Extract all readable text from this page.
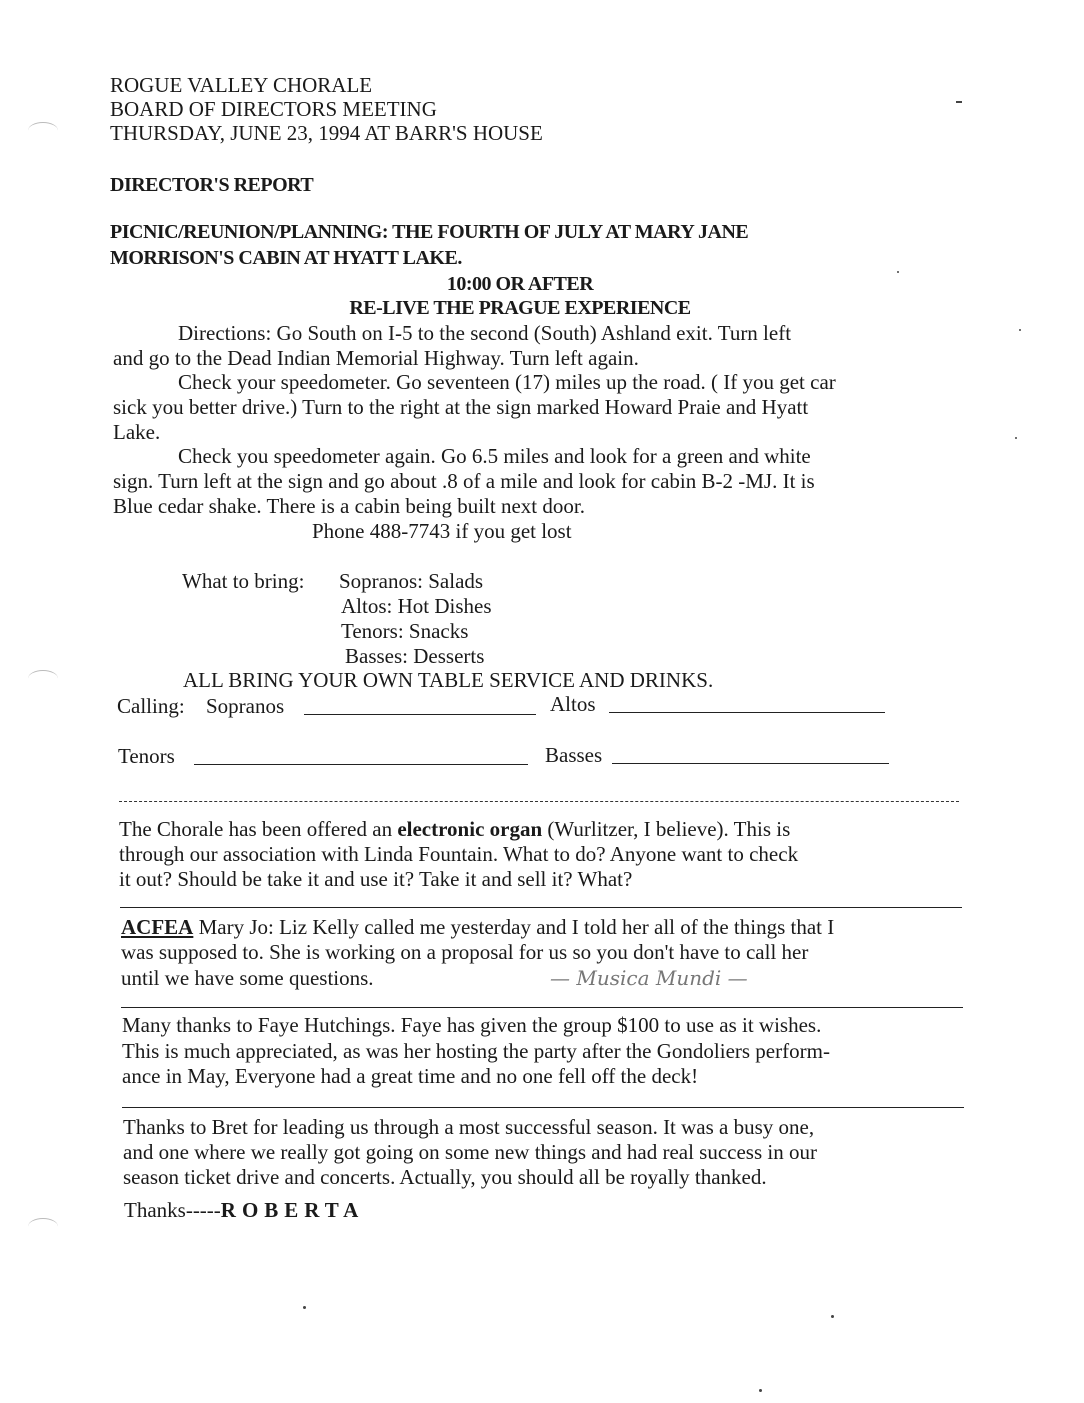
ROGUE VALLEY CHORALE
BOARD OF DIRECTORS MEETING
THURSDAY, JUNE 23, 1994 AT BARR'S HOUSE
DIRECTOR'S REPORT
PICNIC/REUNION/PLANNING: THE FOURTH OF JULY AT MARY JANE
MORRISON'S CABIN AT HYATT LAKE.
10:00 OR AFTER
RE-LIVE THE PRAGUE EXPERIENCE
Directions: Go South on I-5 to the second (South) Ashland exit. Turn left
and go to the Dead Indian Memorial Highway. Turn left again.
Check your speedometer. Go seventeen (17) miles up the road. ( If you get car
sick you better drive.) Turn to the right at the sign marked Howard Praie and Hyatt
Lake.
Check you speedometer again. Go 6.5 miles and look for a green and white
sign. Turn left at the sign and go about .8 of a mile and look for cabin B-2 -MJ. It is
Blue cedar shake. There is a cabin being built next door.
Phone 488-7743 if you get lost
What to bring: Sopranos: Salads
Altos: Hot Dishes
Tenors: Snacks
Basses: Desserts
ALL BRING YOUR OWN TABLE SERVICE AND DRINKS.
Calling: Sopranos	Altos
Tenors	Basses
The Chorale has been offered an electronic organ (Wurlitzer, I believe). This is
through our association with Linda Fountain. What to do? Anyone want to check
it out? Should be take it and use it? Take it and sell it? What?
ACFEA Mary Jo: Liz Kelly called me yesterday and I told her all of the things that I
was supposed to. She is working on a proposal for us so you don't have to call her
until we have some questions.	— Musica Mundi —
Many thanks to Faye Hutchings. Faye has given the group $100 to use as it wishes.
This is much appreciated, as was her hosting the party after the Gondoliers perform-
ance in May, Everyone had a great time and no one fell off the deck!
Thanks to Bret for leading us through a most successful season. It was a busy one,
and one where we really got going on some new things and had real success in our
season ticket drive and concerts. Actually, you should all be royally thanked.
Thanks-----ROBERTA
